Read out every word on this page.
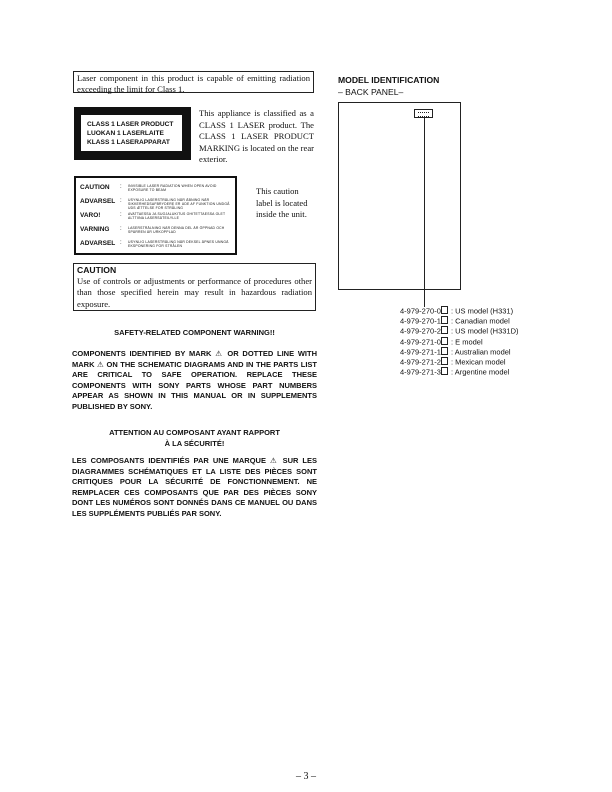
Laser component in this product is capable of emitting radiation exceeding the limit for Class 1.
CLASS 1 LASER PRODUCT
LUOKAN 1 LASERLAITE
KLASS 1 LASERAPPARAT
This appliance is classified as a CLASS 1 LASER product. The CLASS 1 LASER PRODUCT MARKING is located on the rear exterior.
CAUTION : INVISIBLE LASER RADIATION WHEN OPEN AVOID EXPOSURE TO BEAM
ADVARSEL : USYNLIG LASERSTRÅLING NÅR ÅBNING NÅR SIKKERHEDSAFBRYDERE ER UDE AF FUNKTION UNDGÅ UDS ÆTTELSE FOR STRÅLING
VARO!	: AVATTAESSA JA SUOJALUKITUS OHITETTAESSA OLET ALTTIINA LASERSÄTEILYLLE
VARNING : LASERSTRÅLNING NÄR DENNA DEL ÄR ÖPPNAD OCH SPÄRREN ÄR URKOPPLAD
ADVARSEL : USYNLIG LASERSTRÅLING NÅR DEKSEL ÅPNES UNNGÅ EKSPONERING FOR STRÅLEN
This caution label is located inside the unit.
CAUTION
Use of controls or adjustments or performance of procedures other than those specified herein may result in hazardous radiation exposure.
SAFETY-RELATED COMPONENT WARNING!!
COMPONENTS IDENTIFIED BY MARK ⚠ OR DOTTED LINE WITH MARK ⚠ ON THE SCHEMATIC DIAGRAMS AND IN THE PARTS LIST ARE CRITICAL TO SAFE OPERATION. REPLACE THESE COMPONENTS WITH SONY PARTS WHOSE PART NUMBERS APPEAR AS SHOWN IN THIS MANUAL OR IN SUPPLEMENTS PUBLISHED BY SONY.
ATTENTION AU COMPOSANT AYANT RAPPORT
À LA SÉCURITÉ!
LES COMPOSANTS IDENTIFIÉS PAR UNE MARQUE ⚠ SUR LES DIAGRAMMES SCHÉMATIQUES ET LA LISTE DES PIÈCES SONT CRITIQUES POUR LA SÉCURITÉ DE FONCTIONNEMENT. NE REMPLACER CES COMPOSANTS QUE PAR DES PIÈCES SONY DONT LES NUMÉROS SONT DONNÉS DANS CE MANUEL OU DANS LES SUPPLÉMENTS PUBLIÉS PAR SONY.
MODEL IDENTIFICATION
– BACK PANEL–
4-979-270-0 : US model (H331)
4-979-270-1 : Canadian model
4-979-270-2 : US model (H331D)
4-979-271-0 : E model
4-979-271-1 : Australian model
4-979-271-2 : Mexican model
4-979-271-3 : Argentine model
– 3 –
